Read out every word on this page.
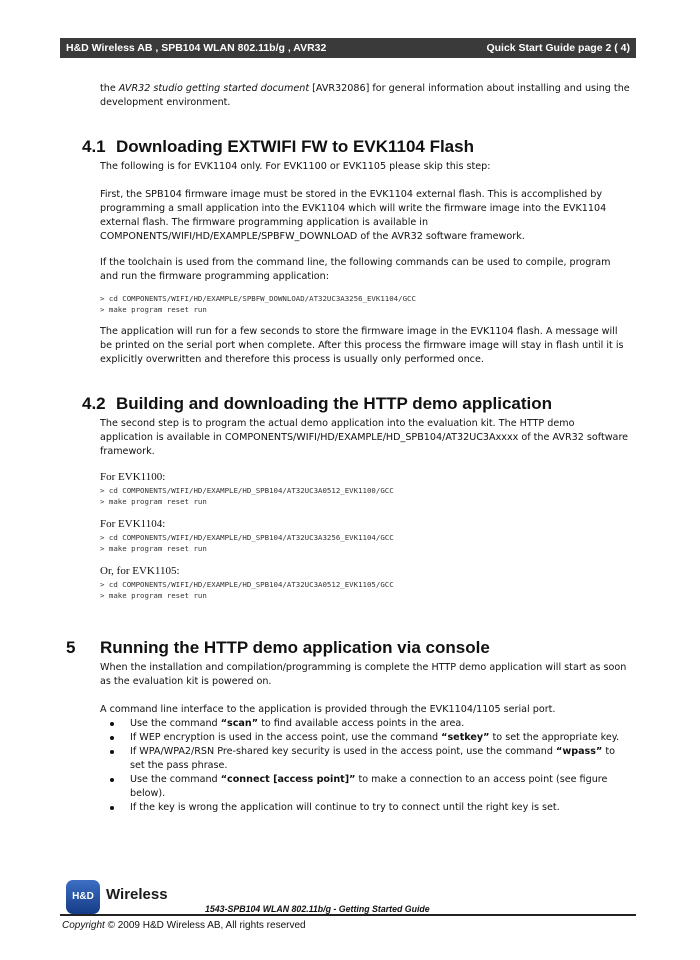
H&D Wireless AB , SPB104 WLAN 802.11b/g , AVR32	Quick Start Guide page 2 ( 4)

the AVR32 studio getting started document [AVR32086] for general information about installing and using the development environment.

4.1 Downloading EXTWIFI FW to EVK1104 Flash

The following is for EVK1104 only. For EVK1100 or EVK1105 please skip this step:

First, the SPB104 firmware image must be stored in the EVK1104 external flash. This is accomplished by programming a small application into the EVK1104 which will write the firmware image into the EVK1104 external flash. The firmware programming application is available in COMPONENTS/WIFI/HD/EXAMPLE/SPBFW_DOWNLOAD of the AVR32 software framework.

If the toolchain is used from the command line, the following commands can be used to compile, program and run the firmware programming application:

> cd COMPONENTS/WIFI/HD/EXAMPLE/SPBFW_DOWNLOAD/AT32UC3A3256_EVK1104/GCC
> make program reset run

The application will run for a few seconds to store the firmware image in the EVK1104 flash. A message will be printed on the serial port when complete. After this process the firmware image will stay in flash until it is explicitly overwritten and therefore this process is usually only performed once.

4.2 Building and downloading the HTTP demo application

The second step is to program the actual demo application into the evaluation kit. The HTTP demo application is available in COMPONENTS/WIFI/HD/EXAMPLE/HD_SPB104/AT32UC3Axxxx of the AVR32 software framework.

For EVK1100:
> cd COMPONENTS/WIFI/HD/EXAMPLE/HD_SPB104/AT32UC3A0512_EVK1100/GCC
> make program reset run
For EVK1104:
> cd COMPONENTS/WIFI/HD/EXAMPLE/HD_SPB104/AT32UC3A3256_EVK1104/GCC
> make program reset run
Or, for EVK1105:
> cd COMPONENTS/WIFI/HD/EXAMPLE/HD_SPB104/AT32UC3A0512_EVK1105/GCC
> make program reset run
5 Running the HTTP demo application via console

When the installation and compilation/programming is complete the HTTP demo application will start as soon as the evaluation kit is powered on.

A command line interface to the application is provided through the EVK1104/1105 serial port.

Use the command “scan” to find available access points in the area.
If WEP encryption is used in the access point, use the command “setkey” to set the appropriate key.
If WPA/WPA2/RSN Pre-shared key security is used in the access point, use the command “wpass” to set the pass phrase.
Use the command “connect [access point]” to make a connection to an access point (see figure below).
If the key is wrong the application will continue to try to connect until the right key is set.
H&D Wireless
1543-SPB104 WLAN 802.11b/g - Getting Started Guide
Copyright © 2009 H&D Wireless AB, All rights reserved
